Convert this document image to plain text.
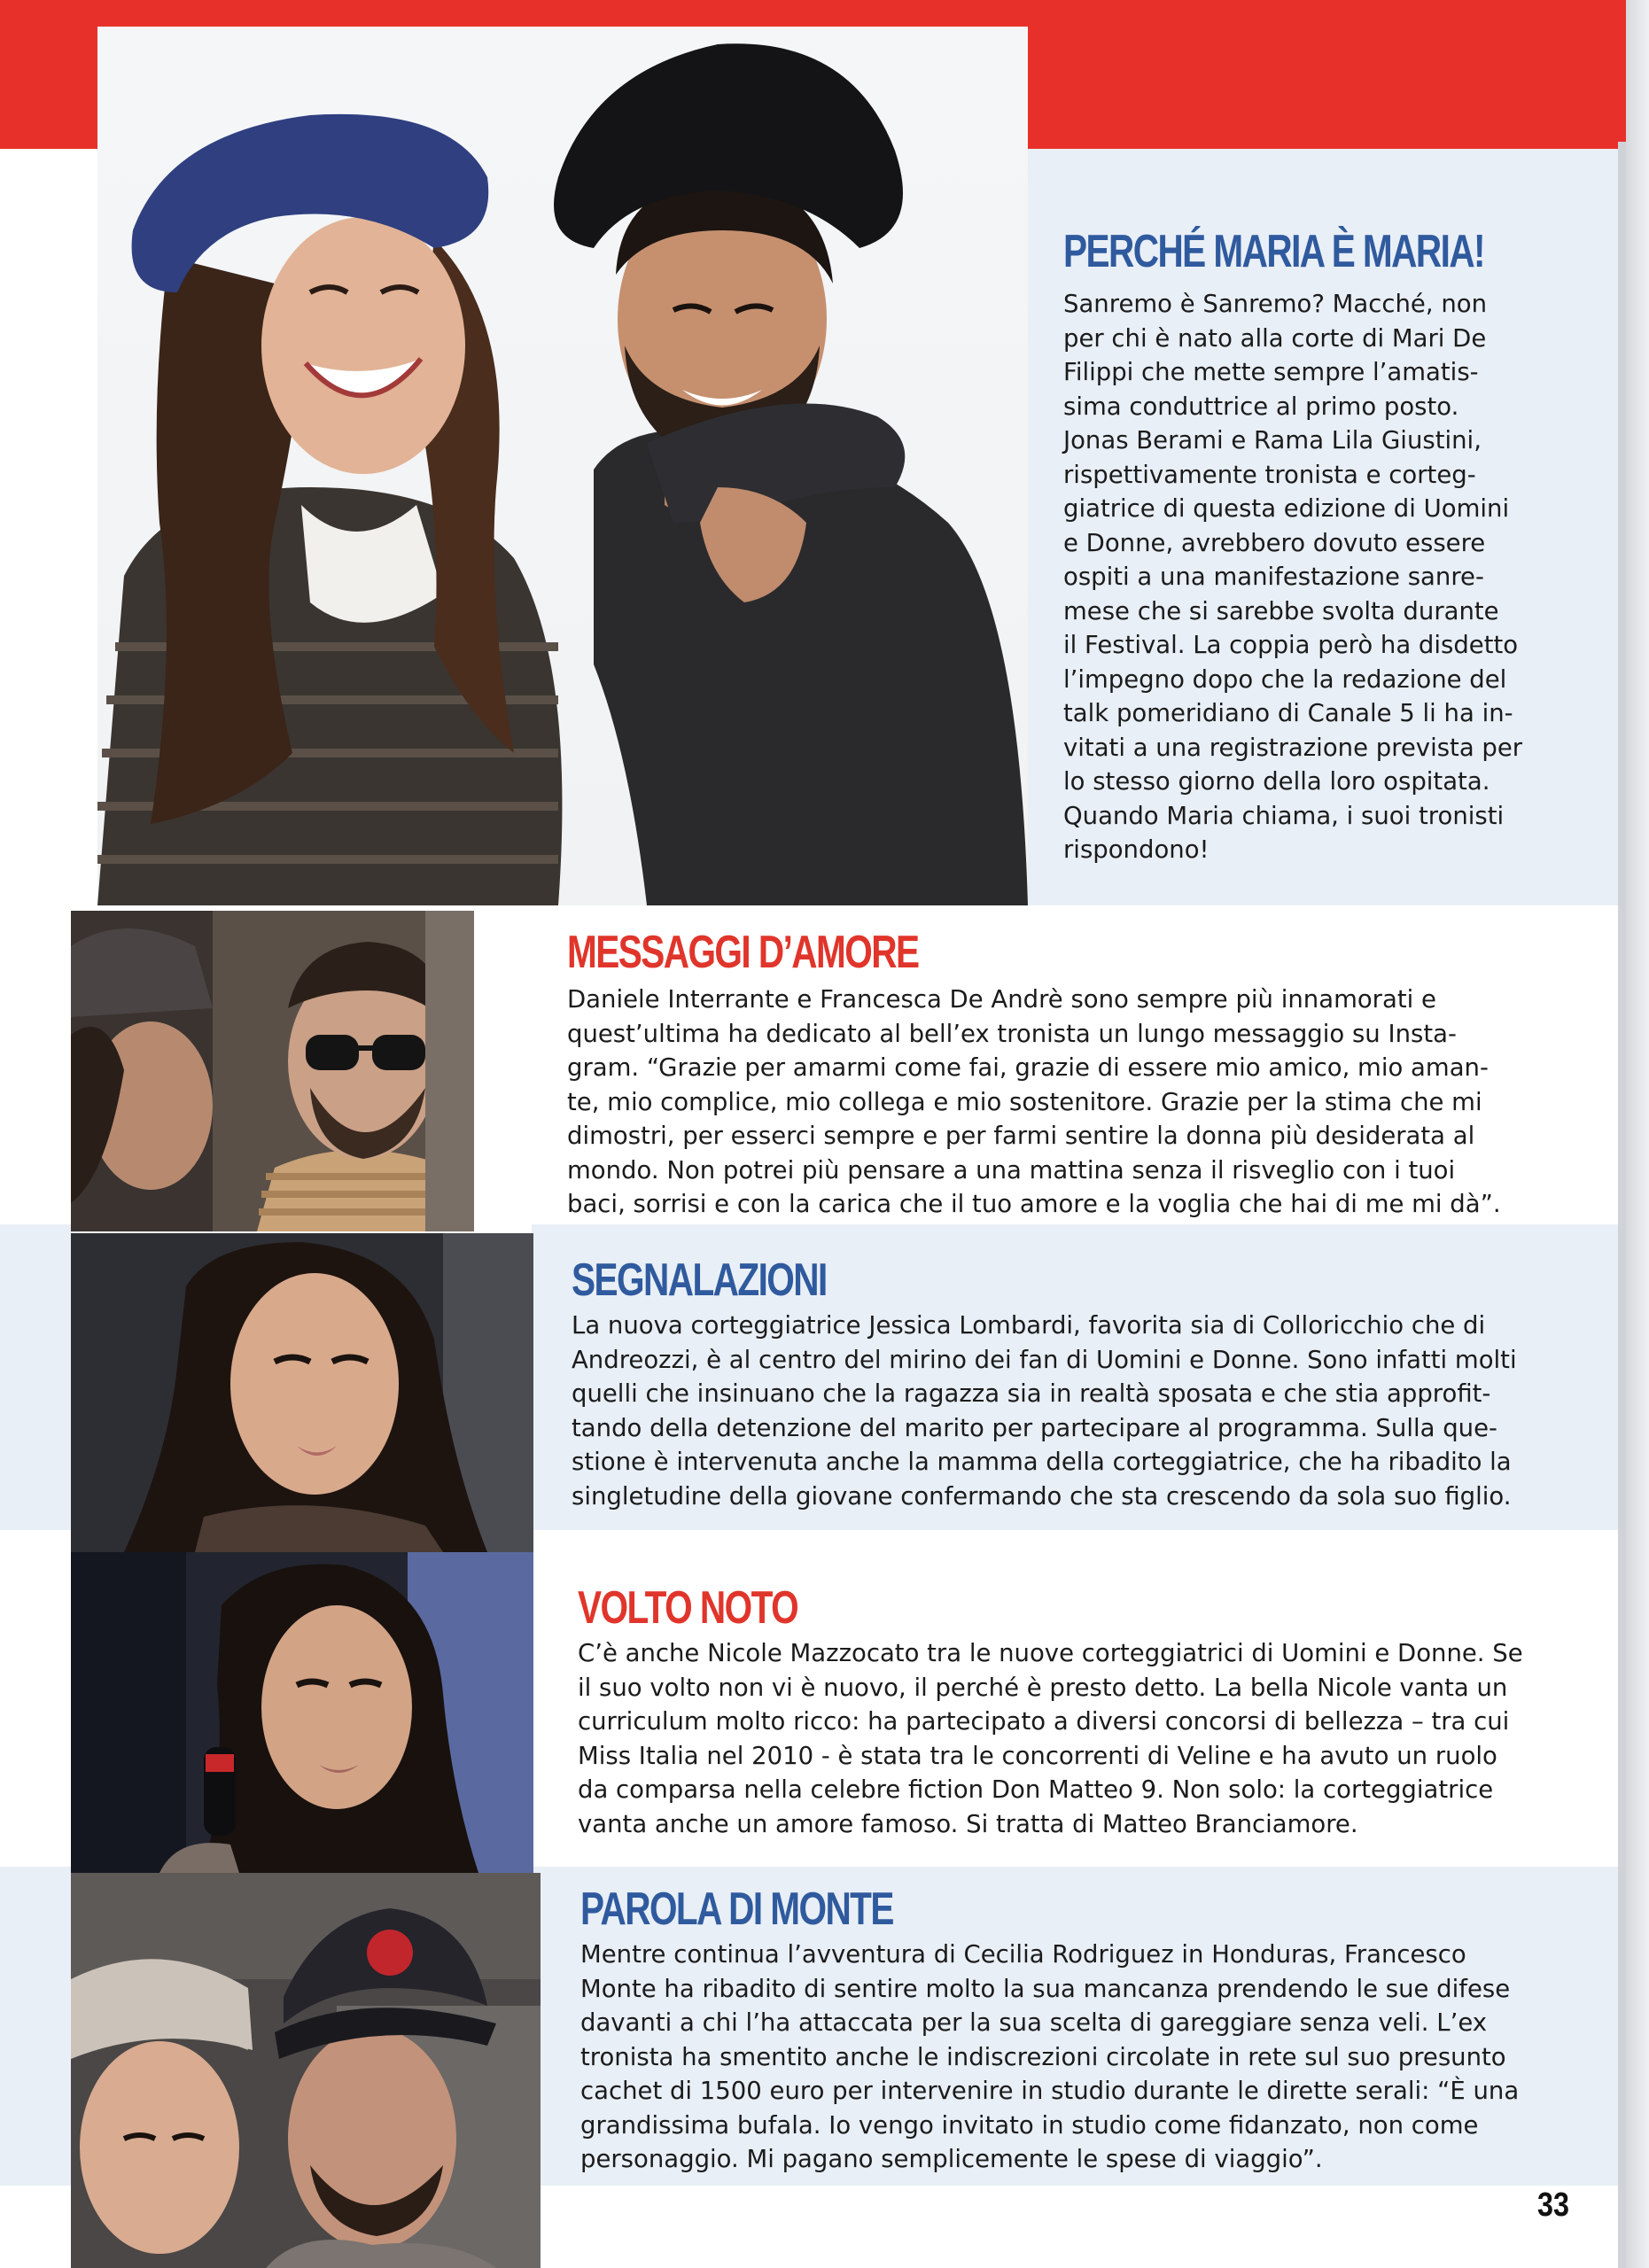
PERCHÉ MARIA È MARIA!

Sanremo è Sanremo? Macché, non
per chi è nato alla corte di Mari De
Filippi che mette sempre l’amatis-
sima conduttrice al primo posto.
Jonas Berami e Rama Lila Giustini,
rispettivamente tronista e corteg-
giatrice di questa edizione di Uomini
e Donne, avrebbero dovuto essere
ospiti a una manifestazione sanre-
mese che si sarebbe svolta durante
il Festival. La coppia però ha disdetto
l’impegno dopo che la redazione del
talk pomeridiano di Canale 5 li ha in-
vitati a una registrazione prevista per
lo stesso giorno della loro ospitata.
Quando Maria chiama, i suoi tronisti
rispondono!

MESSAGGI D’AMORE

Daniele Interrante e Francesca De Andrè sono sempre più innamorati e
quest’ultima ha dedicato al bell’ex tronista un lungo messaggio su Insta-
gram. “Grazie per amarmi come fai, grazie di essere mio amico, mio aman-
te, mio complice, mio collega e mio sostenitore. Grazie per la stima che mi
dimostri, per esserci sempre e per farmi sentire la donna più desiderata al
mondo. Non potrei più pensare a una mattina senza il risveglio con i tuoi
baci, sorrisi e con la carica che il tuo amore e la voglia che hai di me mi dà”.

SEGNALAZIONI

La nuova corteggiatrice Jessica Lombardi, favorita sia di Colloricchio che di
Andreozzi, è al centro del mirino dei fan di Uomini e Donne. Sono infatti molti
quelli che insinuano che la ragazza sia in realtà sposata e che stia approfit-
tando della detenzione del marito per partecipare al programma. Sulla que-
stione è intervenuta anche la mamma della corteggiatrice, che ha ribadito la
singletudine della giovane confermando che sta crescendo da sola suo figlio.

VOLTO NOTO

C’è anche Nicole Mazzocato tra le nuove corteggiatrici di Uomini e Donne. Se
il suo volto non vi è nuovo, il perché è presto detto. La bella Nicole vanta un
curriculum molto ricco: ha partecipato a diversi concorsi di bellezza – tra cui
Miss Italia nel 2010 - è stata tra le concorrenti di Veline e ha avuto un ruolo
da comparsa nella celebre fiction Don Matteo 9. Non solo: la corteggiatrice
vanta anche un amore famoso. Si tratta di Matteo Branciamore.

PAROLA DI MONTE

Mentre continua l’avventura di Cecilia Rodriguez in Honduras, Francesco
Monte ha ribadito di sentire molto la sua mancanza prendendo le sue difese
davanti a chi l’ha attaccata per la sua scelta di gareggiare senza veli. L’ex
tronista ha smentito anche le indiscrezioni circolate in rete sul suo presunto
cachet di 1500 euro per intervenire in studio durante le dirette serali: “È una
grandissima bufala. Io vengo invitato in studio come fidanzato, non come
personaggio. Mi pagano semplicemente le spese di viaggio”.

33
